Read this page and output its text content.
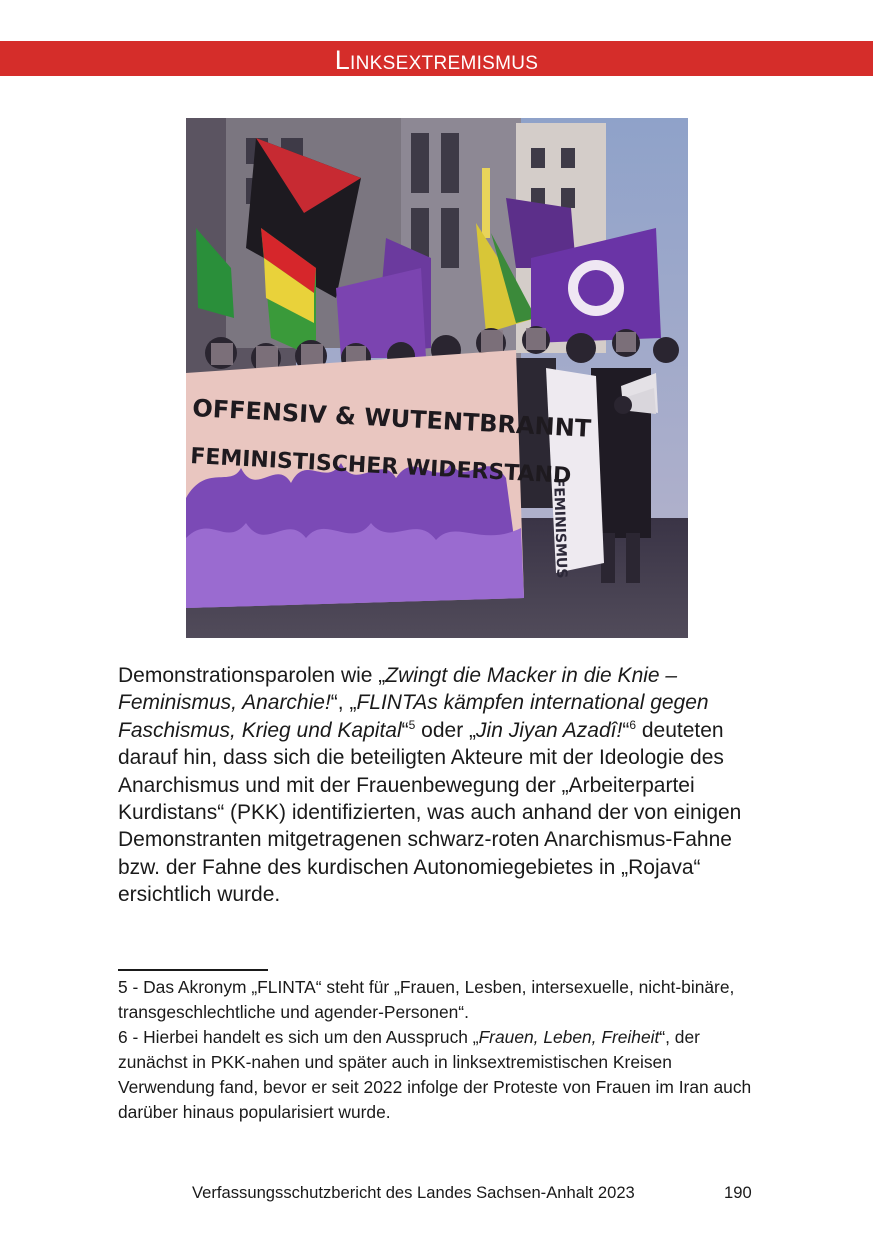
Linksextremismus
FEMINISMUS
OFFENSIV & WUTENTBRANNT
FEMINISTISCHER WIDERSTAND
Demonstrationsparolen wie „Zwingt die Macker in die Knie – Feminismus, Anarchie!“, „FLINTAs kämpfen international gegen Faschismus, Krieg und Kapital“$^5$ oder „Jin Jiyan Azadî!“$^6$ deuteten darauf hin, dass sich die beteiligten Akteure mit der Ideologie des Anarchismus und mit der Frauenbewegung der „Arbeiterpartei Kurdistans“ (PKK) identifizierten, was auch anhand der von einigen Demonstranten mitgetragenen schwarz-roten Anarchismus-Fahne bzw. der Fahne des kurdischen Autonomiegebietes in „Rojava“ ersichtlich wurde.

5 - Das Akronym „FLINTA“ steht für „Frauen, Lesben, intersexuelle, nicht-binäre, transgeschlechtliche und agender-Personen“.

6 - Hierbei handelt es sich um den Ausspruch „Frauen, Leben, Freiheit“, der zunächst in PKK-nahen und später auch in linksextremistischen Kreisen Verwendung fand, bevor er seit 2022 infolge der Proteste von Frauen im Iran auch darüber hinaus popularisiert wurde.

Verfassungsschutzbericht des Landes Sachsen-Anhalt 2023	190
